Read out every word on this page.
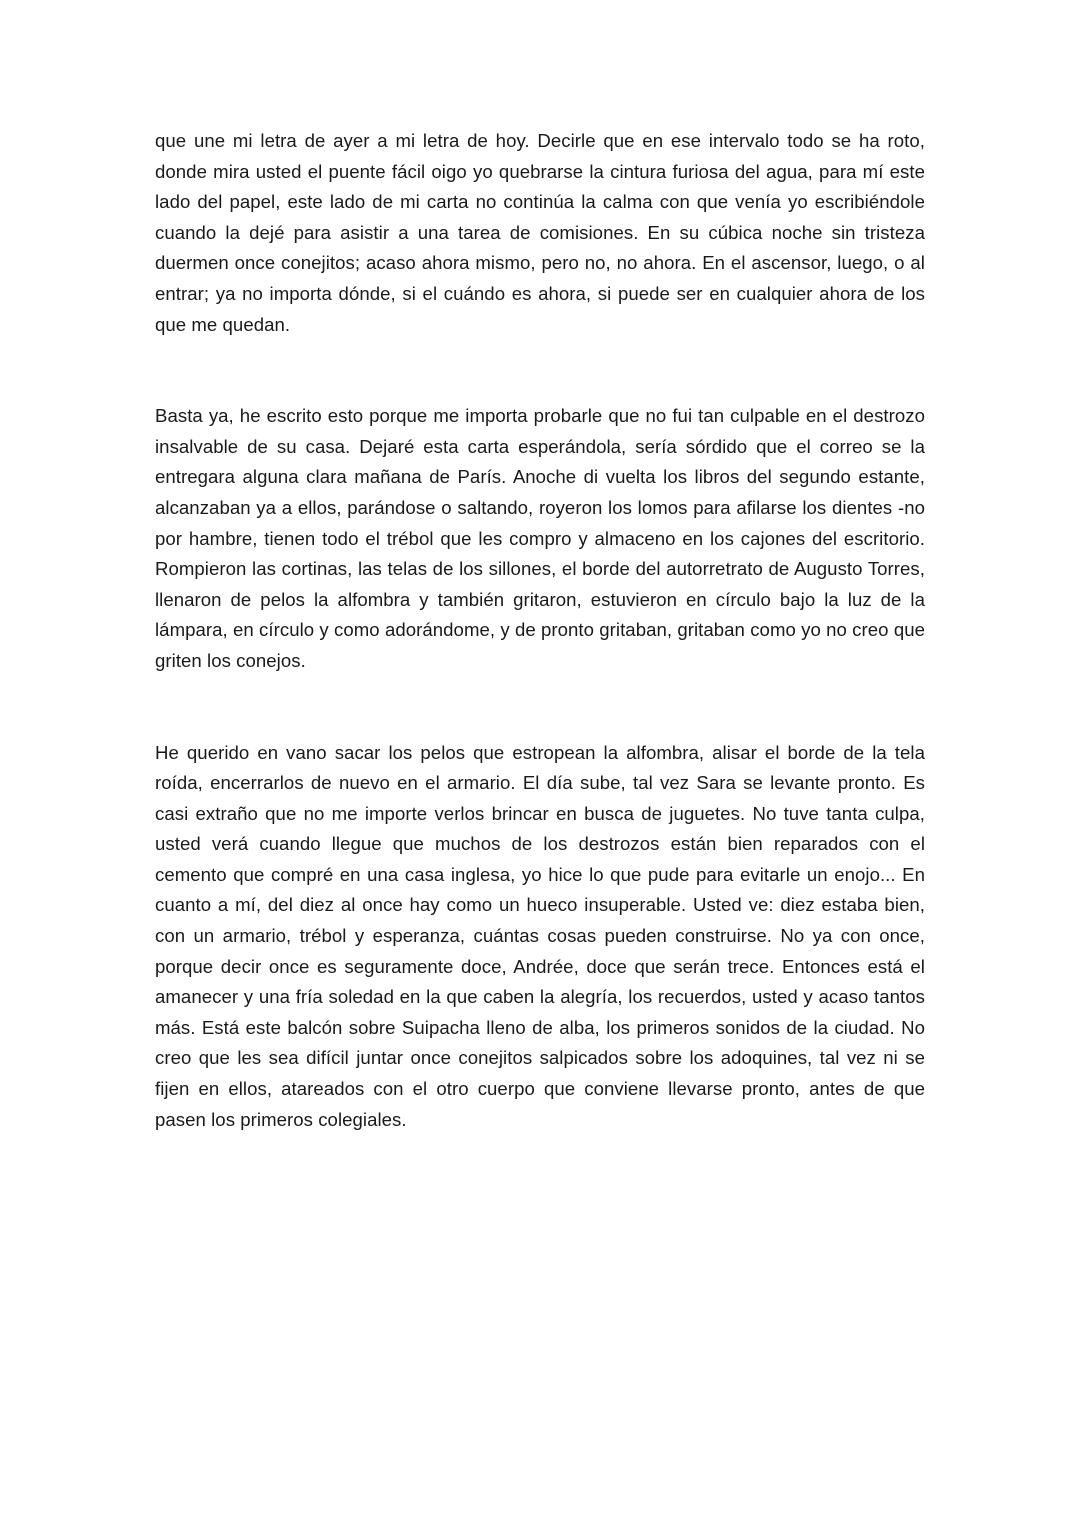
que une mi letra de ayer a mi letra de hoy. Decirle que en ese intervalo todo se ha roto, donde mira usted el puente fácil oigo yo quebrarse la cintura furiosa del agua, para mí este lado del papel, este lado de mi carta no continúa la calma con que venía yo escribiéndole cuando la dejé para asistir a una tarea de comisiones. En su cúbica noche sin tristeza duermen once conejitos; acaso ahora mismo, pero no, no ahora. En el ascensor, luego, o al entrar; ya no importa dónde, si el cuándo es ahora, si puede ser en cualquier ahora de los que me quedan.

Basta ya, he escrito esto porque me importa probarle que no fui tan culpable en el destrozo insalvable de su casa. Dejaré esta carta esperándola, sería sórdido que el correo se la entregara alguna clara mañana de París. Anoche di vuelta los libros del segundo estante, alcanzaban ya a ellos, parándose o saltando, royeron los lomos para afilarse los dientes -no por hambre, tienen todo el trébol que les compro y almaceno en los cajones del escritorio. Rompieron las cortinas, las telas de los sillones, el borde del autorretrato de Augusto Torres, llenaron de pelos la alfombra y también gritaron, estuvieron en círculo bajo la luz de la lámpara, en círculo y como adorándome, y de pronto gritaban, gritaban como yo no creo que griten los conejos.

He querido en vano sacar los pelos que estropean la alfombra, alisar el borde de la tela roída, encerrarlos de nuevo en el armario. El día sube, tal vez Sara se levante pronto. Es casi extraño que no me importe verlos brincar en busca de juguetes. No tuve tanta culpa, usted verá cuando llegue que muchos de los destrozos están bien reparados con el cemento que compré en una casa inglesa, yo hice lo que pude para evitarle un enojo... En cuanto a mí, del diez al once hay como un hueco insuperable. Usted ve: diez estaba bien, con un armario, trébol y esperanza, cuántas cosas pueden construirse. No ya con once, porque decir once es seguramente doce, Andrée, doce que serán trece. Entonces está el amanecer y una fría soledad en la que caben la alegría, los recuerdos, usted y acaso tantos más. Está este balcón sobre Suipacha lleno de alba, los primeros sonidos de la ciudad. No creo que les sea difícil juntar once conejitos salpicados sobre los adoquines, tal vez ni se fijen en ellos, atareados con el otro cuerpo que conviene llevarse pronto, antes de que pasen los primeros colegiales.
